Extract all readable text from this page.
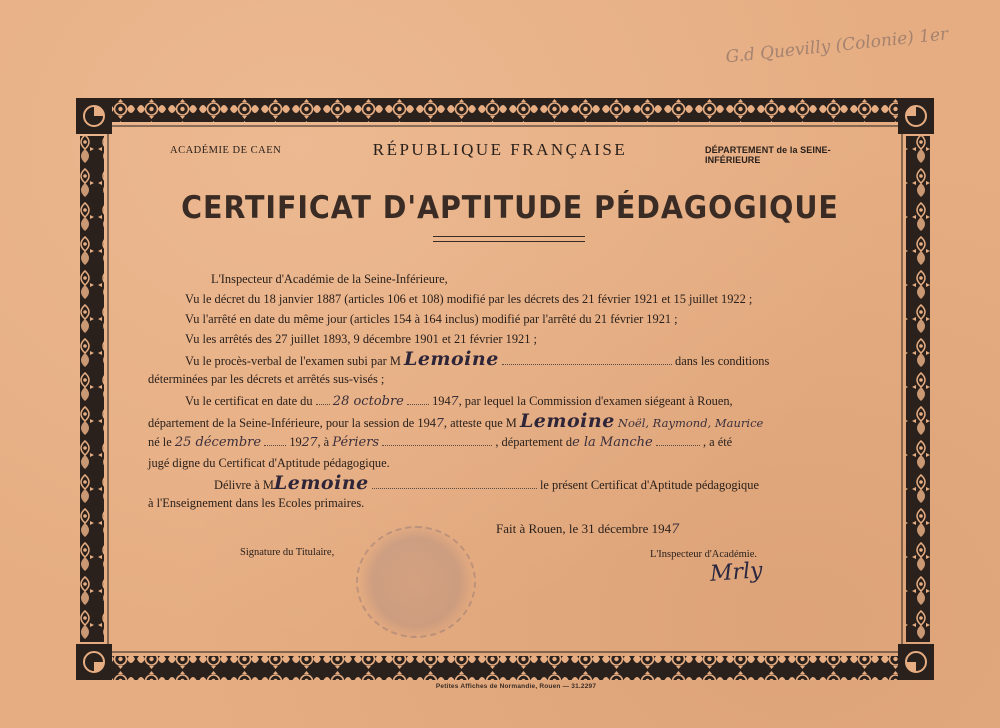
G.d Quevilly (Colonie) 1er
ACADÉMIE DE CAEN	RÉPUBLIQUE FRANÇAISE	DÉPARTEMENT de la SEINE-INFÉRIEURE
CERTIFICAT D'APTITUDE PÉDAGOGIQUE
L'Inspecteur d'Académie de la Seine-Inférieure,
Vu le décret du 18 janvier 1887 (articles 106 et 108) modifié par les décrets des 21 février 1921 et 15 juillet 1922 ;
Vu l'arrêté en date du même jour (articles 154 à 164 inclus) modifié par l'arrêté du 21 février 1921 ;
Vu les arrêtés des 27 juillet 1893, 9 décembre 1901 et 21 février 1921 ;
Vu le procès-verbal de l'examen subi par M Lemoine	dans les conditions
déterminées par les décrets et arrêtés sus-visés ;
Vu le certificat en date du 28 octobre 1947, par lequel la Commission d'examen siégeant à Rouen,
département de la Seine-Inférieure, pour la session de 1947, atteste que M Lemoine Noël, Raymond, Maurice
né le 25 décembre 1927, à Périers	, département de la Manche	, a été
jugé digne du Certificat d'Aptitude pédagogique.
Délivre à MLemoine	le présent Certificat d'Aptitude pédagogique
à l'Enseignement dans les Ecoles primaires.
Fait à Rouen, le 31 décembre 1947
Signature du Titulaire,	L'Inspecteur d'Académie.
Mrly
Petites Affiches de Normandie, Rouen — 31.2297
